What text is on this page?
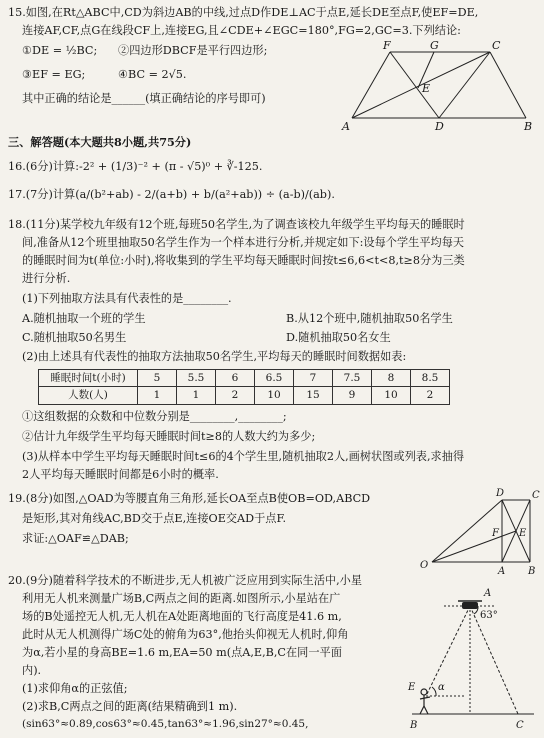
15.如图,在Rt△ABC中,CD为斜边AB的中线,过点D作DE⊥AC于点E,延长DE至点F,使EF=DE,
连接AF,CF,点G在线段CF上,连接EG,且∠CDE+∠EGC=180°,FG=2,GC=3.下列结论:
①DE = ½BC; ②四边形DBCF是平行四边形;
③EF = EG;	④BC = 2√5.
其中正确的结论是______(填正确结论的序号即可)
F	G	C
E
A	D	B
三、解答题(本大题共8小题,共75分)
16.(6分)计算:-2² + (1/3)⁻² + (π - √5)⁰ + ∛-125.
17.(7分)计算(a/(b²+ab) - 2/(a+b) + b/(a²+ab)) ÷ (a-b)/(ab).
18.(11分)某学校九年级有12个班,每班50名学生,为了调查该校九年级学生平均每天的睡眠时
间,准备从12个班里抽取50名学生作为一个样本进行分析,并规定如下:设每个学生平均每天
的睡眠时间为t(单位:小时),将收集到的学生平均每天睡眠时间按t≤6,6<t<8,t≥8分为三类
进行分析.
(1)下列抽取方法具有代表性的是________.
A.随机抽取一个班的学生	B.从12个班中,随机抽取50名学生
C.随机抽取50名男生	D.随机抽取50名女生
(2)由上述具有代表性的抽取方法抽取50名学生,平均每天的睡眠时间数据如表:
睡眠时间t(小时)	5	5.5	6	6.5	7	7.5	8	8.5
人数(人)	1	1	2	10	15	9	10	2
①这组数据的众数和中位数分别是________,________;
②估计九年级学生平均每天睡眠时间t≥8的人数大约为多少;
(3)从样本中学生平均每天睡眠时间t≤6的4个学生里,随机抽取2人,画树状图或列表,求抽得
2人平均每天睡眠时间都是6小时的概率.
19.(8分)如图,△OAD为等腰直角三角形,延长OA至点B使OB=OD,ABCD
是矩形,其对角线AC,BD交于点E,连接OE交AD于点F.
求证:△OAF≌△DAB;
O
A B
C
D
E
F
20.(9分)随着科学技术的不断进步,无人机被广泛应用到实际生活中,小星
利用无人机来测量广场B,C两点之间的距离.如图所示,小星站在广
场的B处遥控无人机,无人机在A处距离地面的飞行高度是41.6 m,
此时从无人机测得广场C处的俯角为63°,他抬头仰视无人机时,仰角
为α,若小星的身高BE=1.6 m,EA=50 m(点A,E,B,C在同一平面
内).
(1)求仰角α的正弦值;
(2)求B,C两点之间的距离(结果精确到1 m).
(sin63°≈0.89,cos63°≈0.45,tan63°≈1.96,sin27°≈0.45,
A
63°
α
E
B	C
